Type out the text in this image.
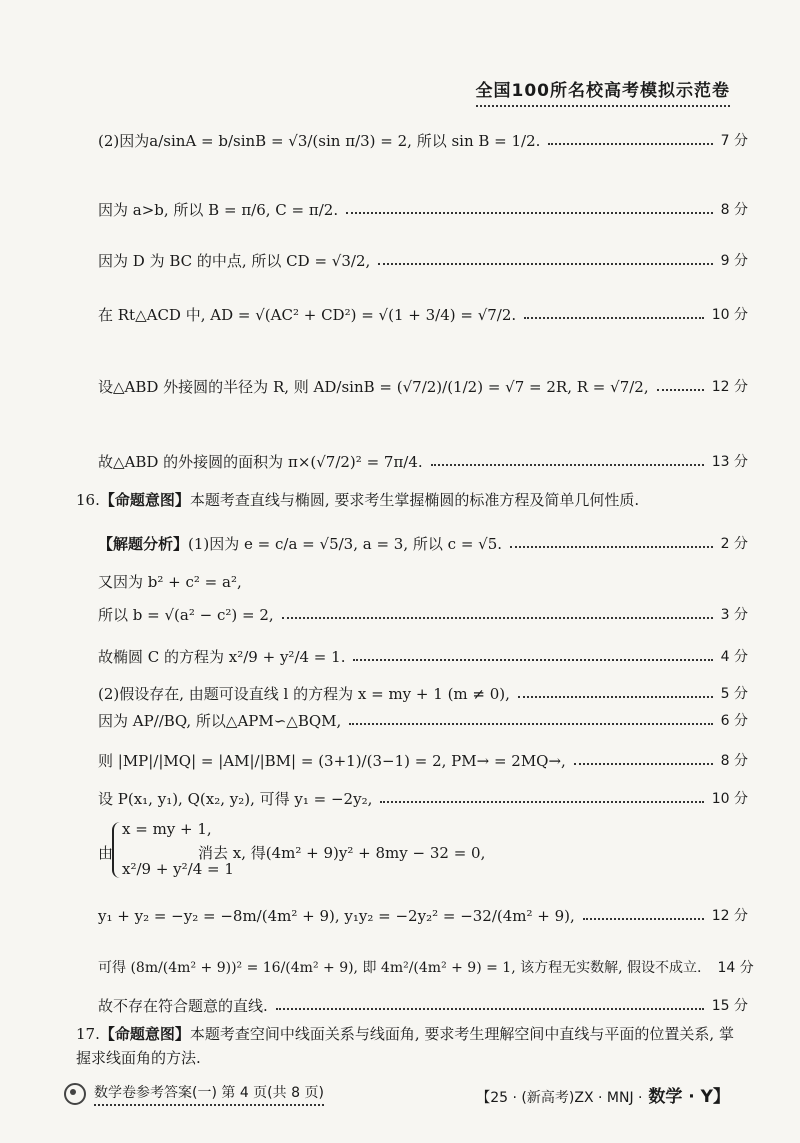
全国100所名校高考模拟示范卷
(2)因为a/sinA = b/sinB = √3/(sin π/3) = 2, 所以 sin B = 1/2.	7 分
因为 a>b, 所以 B = π/6, C = π/2.	8 分
因为 D 为 BC 的中点, 所以 CD = √3/2,	9 分
在 Rt△ACD 中, AD = √(AC² + CD²) = √(1 + 3/4) = √7/2.	10 分
设△ABD 外接圆的半径为 R, 则 AD/sinB = (√7/2)/(1/2) = √7 = 2R, R = √7/2,	12 分
故△ABD 的外接圆的面积为 π×(√7/2)² = 7π/4.	13 分
16. 【命题意图】 本题考查直线与椭圆, 要求考生掌握椭圆的标准方程及简单几何性质.
【解题分析】(1)因为 e = c/a = √5/3, a = 3, 所以 c = √5.	2 分
又因为 b² + c² = a²,
所以 b = √(a² − c²) = 2,	3 分
故椭圆 C 的方程为 x²/9 + y²/4 = 1.	4 分
(2)假设存在, 由题可设直线 l 的方程为 x = my + 1 (m ≠ 0),	5 分
因为 AP//BQ, 所以△APM∽△BQM,	6 分
则 |MP|/|MQ| = |AM|/|BM| = (3+1)/(3−1) = 2, PM→ = 2MQ→,	8 分
设 P(x₁, y₁), Q(x₂, y₂), 可得 y₁ = −2y₂,	10 分
由
x = my + 1,
x²/9 + y²/4 = 1
消去 x, 得(4m² + 9)y² + 8my − 32 = 0,
y₁ + y₂ = −y₂ = −8m/(4m² + 9), y₁y₂ = −2y₂² = −32/(4m² + 9),	12 分
可得 (8m/(4m² + 9))² = 16/(4m² + 9), 即 4m²/(4m² + 9) = 1, 该方程无实数解, 假设不成立. 14 分
故不存在符合题意的直线.	15 分
17.【命题意图】本题考查空间中线面关系与线面角, 要求考生理解空间中直线与平面的位置关系, 掌握求线面角的方法.
数学卷参考答案(一) 第 4 页(共 8 页)	【25 · (新高考)ZX · MNJ · 数学 · Y】
